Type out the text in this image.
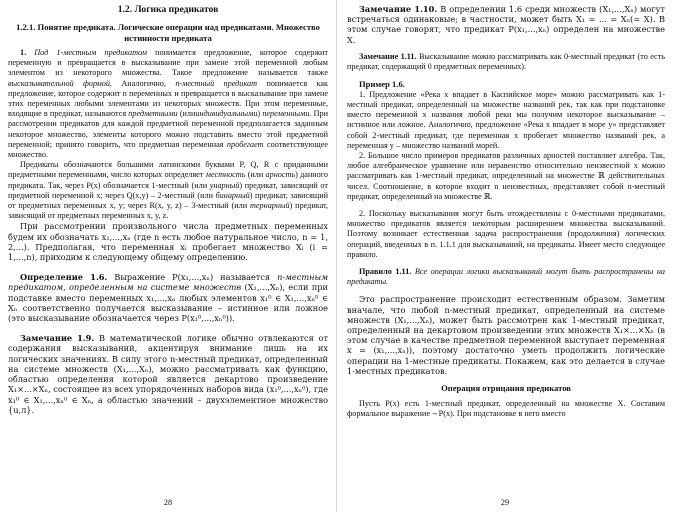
1.2. Логика предикатов
1.2.1. Понятие предиката. Логические операции над предикатами. Множество истинности предиката

1. Под 1-местным предикатом понимается предложение, которое содержит переменную и превращается в высказывание при замене этой переменной любым элементом из некоторого множества. Такое предложение называется также высказывательной формой. Аналогично, n-местный предикат понимается как предложение, которое содержит n переменных и превращается в высказывание при замене этих переменных любыми элементами из некоторых множеств. При этом переменные, входящие в предикат, называются предметными (илииндивидуальными) переменными. При рассмотрении предикатов для каждой предметной переменной предполагается заданным некоторое множество, элементы которого можно подставить вместо этой предметной переменной; принято говорить, что предметная переменная пробегает соответствующее множество.

Предикаты обозначаются большими латинскими буквами P, Q, R с приданными предметными переменными, число которых определяет местность (или арность) данного предиката. Так, через P(x) обозначается 1-местный (или унарный) предикат, зависящий от предметной переменной x; через Q(x,y) – 2-местный (или бинарный) предикат, зависящий от предметных переменных x, y; через R(x, y, z) – 3-местный (или тернарный) предикат, зависящий от предметных переменных x, y, z.

При рассмотрении произвольного числа предметных переменных будем их обозначать x₁,...,xₙ (где n есть любое натуральное число, n = 1, 2,...). Предполагая, что переменная xᵢ пробегает множество Xᵢ (i = 1,...,n), приходим к следующему общему определению.

Определение 1.6. Выражение P(x₁,...,xₙ) называется n-местным предикатом, определенным на системе множеств (X₁,...,Xₙ), если при подставке вместо переменных x₁,...,xₙ любых элементов x₁⁰ ∈ X₁,...,xₙ⁰ ∈ Xₙ соответственно получается высказывание – истинное или ложное (это высказывание обозначается через P(x₁⁰,...,xₙ⁰)).

Замечание 1.9. В математической логике обычно отвлекаются от содержания высказываний, акцентируя внимание лишь на их логических значениях. В силу этого n-местный предикат, определенный на системе множеств (X₁,...,Xₙ), можно рассматривать как функцию, областью определения которой является декартово произведение X₁×...×Xₙ, состоящее из всех упорядоченных наборов вида (x₁⁰,...,xₙ⁰), где x₁⁰ ∈ X₁,...,xₙ⁰ ∈ Xₙ, а областью значений – двухэлементное множество {u,л}.

28

Замечание 1.10. В определении 1.6 среди множеств (X₁,...,Xₙ) могут встречаться одинаковые; в частности, может быть X₁ = ... = Xₙ(= X). В этом случае говорят, что предикат P(x₁,...,xₙ) определен на множестве X.

Замечание 1.11. Высказывание можно рассматривать как 0-местный предикат (то есть предикат, содержащий 0 предметных переменных).

Пример 1.6.

1. Предложение «Река x впадает в Каспийское море» можно рассматривать как 1-местный предикат, определенный на множестве названий рек, так как при подстановке вместо переменной x названия любой реки мы получим некоторое высказывание – истинное или ложное. Аналогично, предложение «Река x впадает в море y» представляет собой 2-местный предикат, где переменная x пробегает множество названий рек, а переменная y – множество названий морей.

2. Большое число примеров предикатов различных арностей поставляет алгебра. Так, любое алгебраическое уравнение или неравенство относительно неизвестной x можно рассматривать как 1-местный предикат, определенный на множестве ℝ действительных чисел. Соотношение, в которое входит n неизвестных, представляет собой n-местный предикат, определенный на множестве ℝ.

2. Поскольку высказывания могут быть отождествлены с 0-местными предикатами, множество предикатов является некоторым расширением множества высказываний. Поэтому возникает естественная задача распространения (продолжения) логических операций, введенных в п. 1.1.1 для высказываний, на предикаты. Имеет место следующее правило.

Правило 1.11. Все операции логики высказываний могут быть распространены на предикаты.

Это распространение происходит естественным образом. Заметим вначале, что любой n-местный предикат, определенный на системе множеств (X₁,...,Xₙ), может быть рассмотрен как 1-местный предикат, определенный на декартовом произведении этих множеств X₁×...×Xₙ (в этом случае в качестве предметной переменной выступает переменная x = (x₁,...,xₙ)), поэтому достаточно уметь продолжить логические операции на 1-местные предикаты. Покажем, как это делается в случае 1-местных предикатов.

Операция отрицания предикатов

Пусть P(x) есть 1-местный предикат, определенный на множестве X. Составим формальное выражение ¬ P(x). При подстановке в него вместо

29
